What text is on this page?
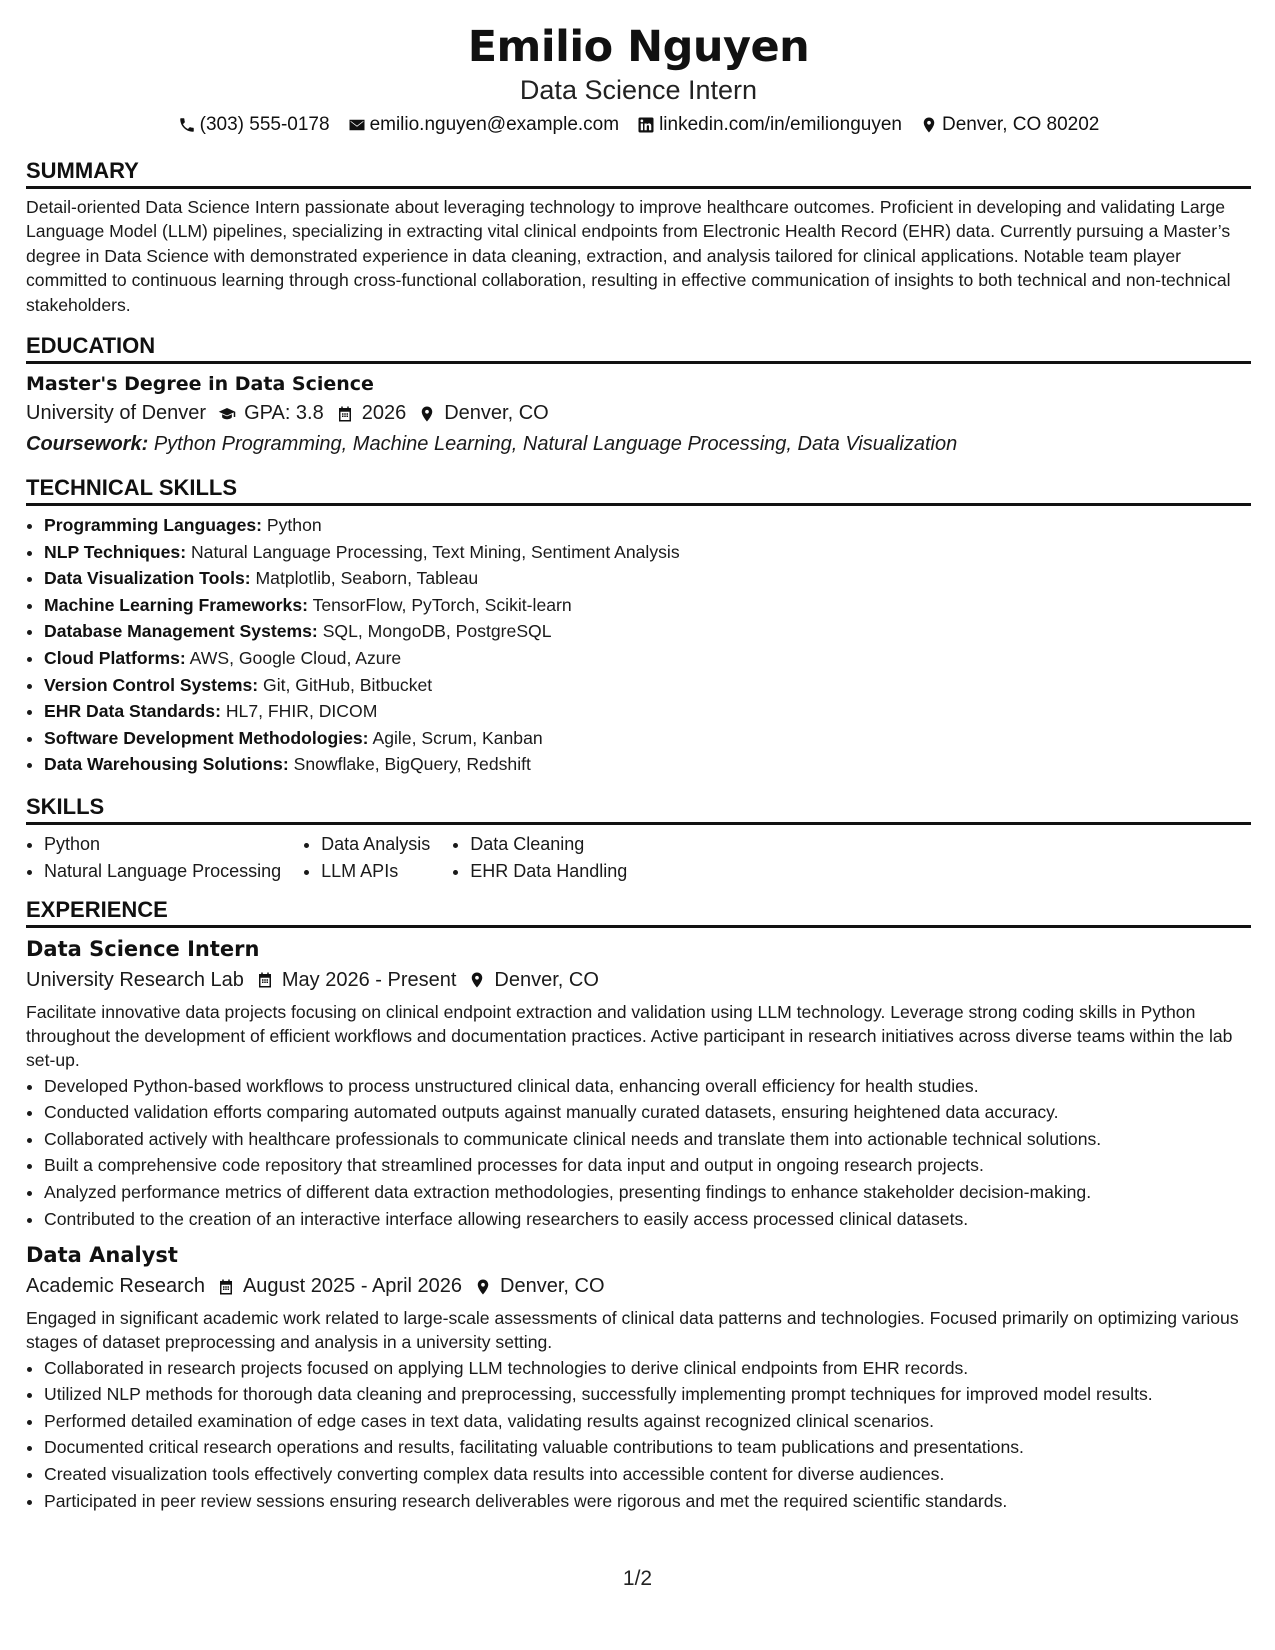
Emilio Nguyen
Data Science Intern
(303) 555-0178 emilio.nguyen@example.com linkedin.com/in/emilionguyen Denver, CO 80202
SUMMARY

Detail-oriented Data Science Intern passionate about leveraging technology to improve healthcare outcomes. Proficient in developing and validating Large Language Model (LLM) pipelines, specializing in extracting vital clinical endpoints from Electronic Health Record (EHR) data. Currently pursuing a Master’s degree in Data Science with demonstrated experience in data cleaning, extraction, and analysis tailored for clinical applications. Notable team player committed to continuous learning through cross-functional collaboration, resulting in effective communication of insights to both technical and non-technical stakeholders.

EDUCATION
Master's Degree in Data Science
University of Denver GPA: 3.8 2026 Denver, CO
Coursework: Python Programming, Machine Learning, Natural Language Processing, Data Visualization
TECHNICAL SKILLS
• Programming Languages: Python
• NLP Techniques: Natural Language Processing, Text Mining, Sentiment Analysis
• Data Visualization Tools: Matplotlib, Seaborn, Tableau
• Machine Learning Frameworks: TensorFlow, PyTorch, Scikit-learn
• Database Management Systems: SQL, MongoDB, PostgreSQL
• Cloud Platforms: AWS, Google Cloud, Azure
• Version Control Systems: Git, GitHub, Bitbucket
• EHR Data Standards: HL7, FHIR, DICOM
• Software Development Methodologies: Agile, Scrum, Kanban
• Data Warehousing Solutions: Snowflake, BigQuery, Redshift
SKILLS
• Python
• Natural Language Processing
• Data Analysis
• LLM APIs
• Data Cleaning
• EHR Data Handling
EXPERIENCE
Data Science Intern
University Research Lab May 2026 - Present Denver, CO

Facilitate innovative data projects focusing on clinical endpoint extraction and validation using LLM technology. Leverage strong coding skills in Python throughout the development of efficient workflows and documentation practices. Active participant in research initiatives across diverse teams within the lab set-up.

• Developed Python-based workflows to process unstructured clinical data, enhancing overall efficiency for health studies.
• Conducted validation efforts comparing automated outputs against manually curated datasets, ensuring heightened data accuracy.
• Collaborated actively with healthcare professionals to communicate clinical needs and translate them into actionable technical solutions.
• Built a comprehensive code repository that streamlined processes for data input and output in ongoing research projects.
• Analyzed performance metrics of different data extraction methodologies, presenting findings to enhance stakeholder decision-making.
• Contributed to the creation of an interactive interface allowing researchers to easily access processed clinical datasets.
Data Analyst
Academic Research August 2025 - April 2026 Denver, CO

Engaged in significant academic work related to large-scale assessments of clinical data patterns and technologies. Focused primarily on optimizing various stages of dataset preprocessing and analysis in a university setting.

• Collaborated in research projects focused on applying LLM technologies to derive clinical endpoints from EHR records.
• Utilized NLP methods for thorough data cleaning and preprocessing, successfully implementing prompt techniques for improved model results.
• Performed detailed examination of edge cases in text data, validating results against recognized clinical scenarios.
• Documented critical research operations and results, facilitating valuable contributions to team publications and presentations.
• Created visualization tools effectively converting complex data results into accessible content for diverse audiences.
• Participated in peer review sessions ensuring research deliverables were rigorous and met the required scientific standards.
1/2
